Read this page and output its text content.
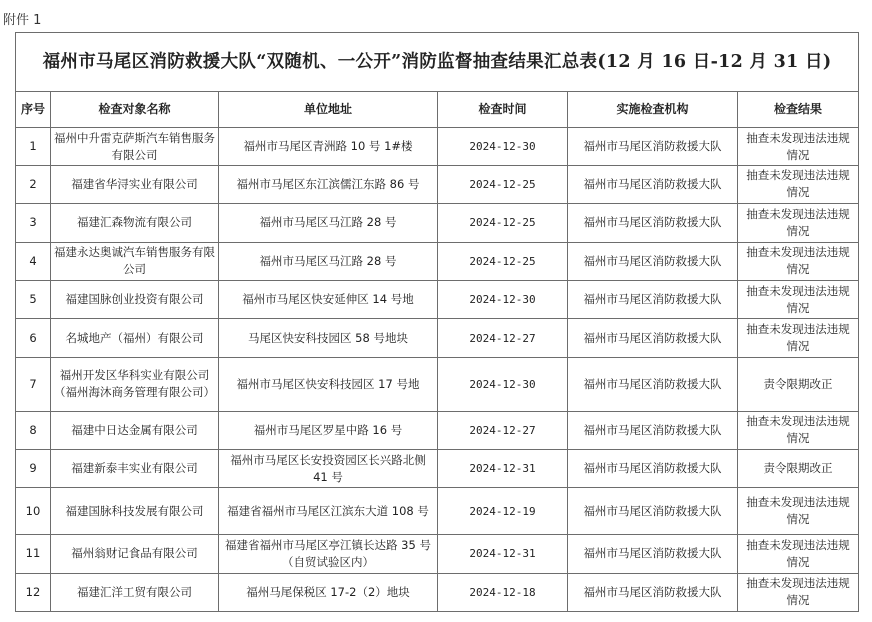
附件 1
福州市马尾区消防救援大队“双随机、一公开”消防监督抽查结果汇总表(12 月 16 日-12 月 31 日)					
序号	检查对象名称	单位地址	检查时间	实施检查机构	检查结果
1	福州中升雷克萨斯汽车销售服务有限公司	福州市马尾区青洲路 10 号 1#楼	2024-12-30	福州市马尾区消防救援大队	抽查未发现违法违规情况
2	福建省华浔实业有限公司	福州市马尾区东江滨儒江东路 86 号	2024-12-25	福州市马尾区消防救援大队	抽查未发现违法违规情况
3	福建汇森物流有限公司	福州市马尾区马江路 28 号	2024-12-25	福州市马尾区消防救援大队	抽查未发现违法违规情况
4	福建永达奥诚汽车销售服务有限公司	福州市马尾区马江路 28 号	2024-12-25	福州市马尾区消防救援大队	抽查未发现违法违规情况
5	福建国脉创业投资有限公司	福州市马尾区快安延伸区 14 号地	2024-12-30	福州市马尾区消防救援大队	抽查未发现违法违规情况
6	名城地产（福州）有限公司	马尾区快安科技园区 58 号地块	2024-12-27	福州市马尾区消防救援大队	抽查未发现违法违规情况
7	福州开发区华科实业有限公司（福州海沐商务管理有限公司）	福州市马尾区快安科技园区 17 号地	2024-12-30	福州市马尾区消防救援大队	责令限期改正
8	福建中日达金属有限公司	福州市马尾区罗星中路 16 号	2024-12-27	福州市马尾区消防救援大队	抽查未发现违法违规情况
9	福建新泰丰实业有限公司	福州市马尾区长安投资园区长兴路北侧 41 号	2024-12-31	福州市马尾区消防救援大队	责令限期改正
10	福建国脉科技发展有限公司	福建省福州市马尾区江滨东大道 108 号	2024-12-19	福州市马尾区消防救援大队	抽查未发现违法违规情况
11	福州翁财记食品有限公司	福建省福州市马尾区亭江镇长达路 35 号（自贸试验区内）	2024-12-31	福州市马尾区消防救援大队	抽查未发现违法违规情况
12	福建汇洋工贸有限公司	福州马尾保税区 17-2（2）地块	2024-12-18	福州市马尾区消防救援大队	抽查未发现违法违规情况
